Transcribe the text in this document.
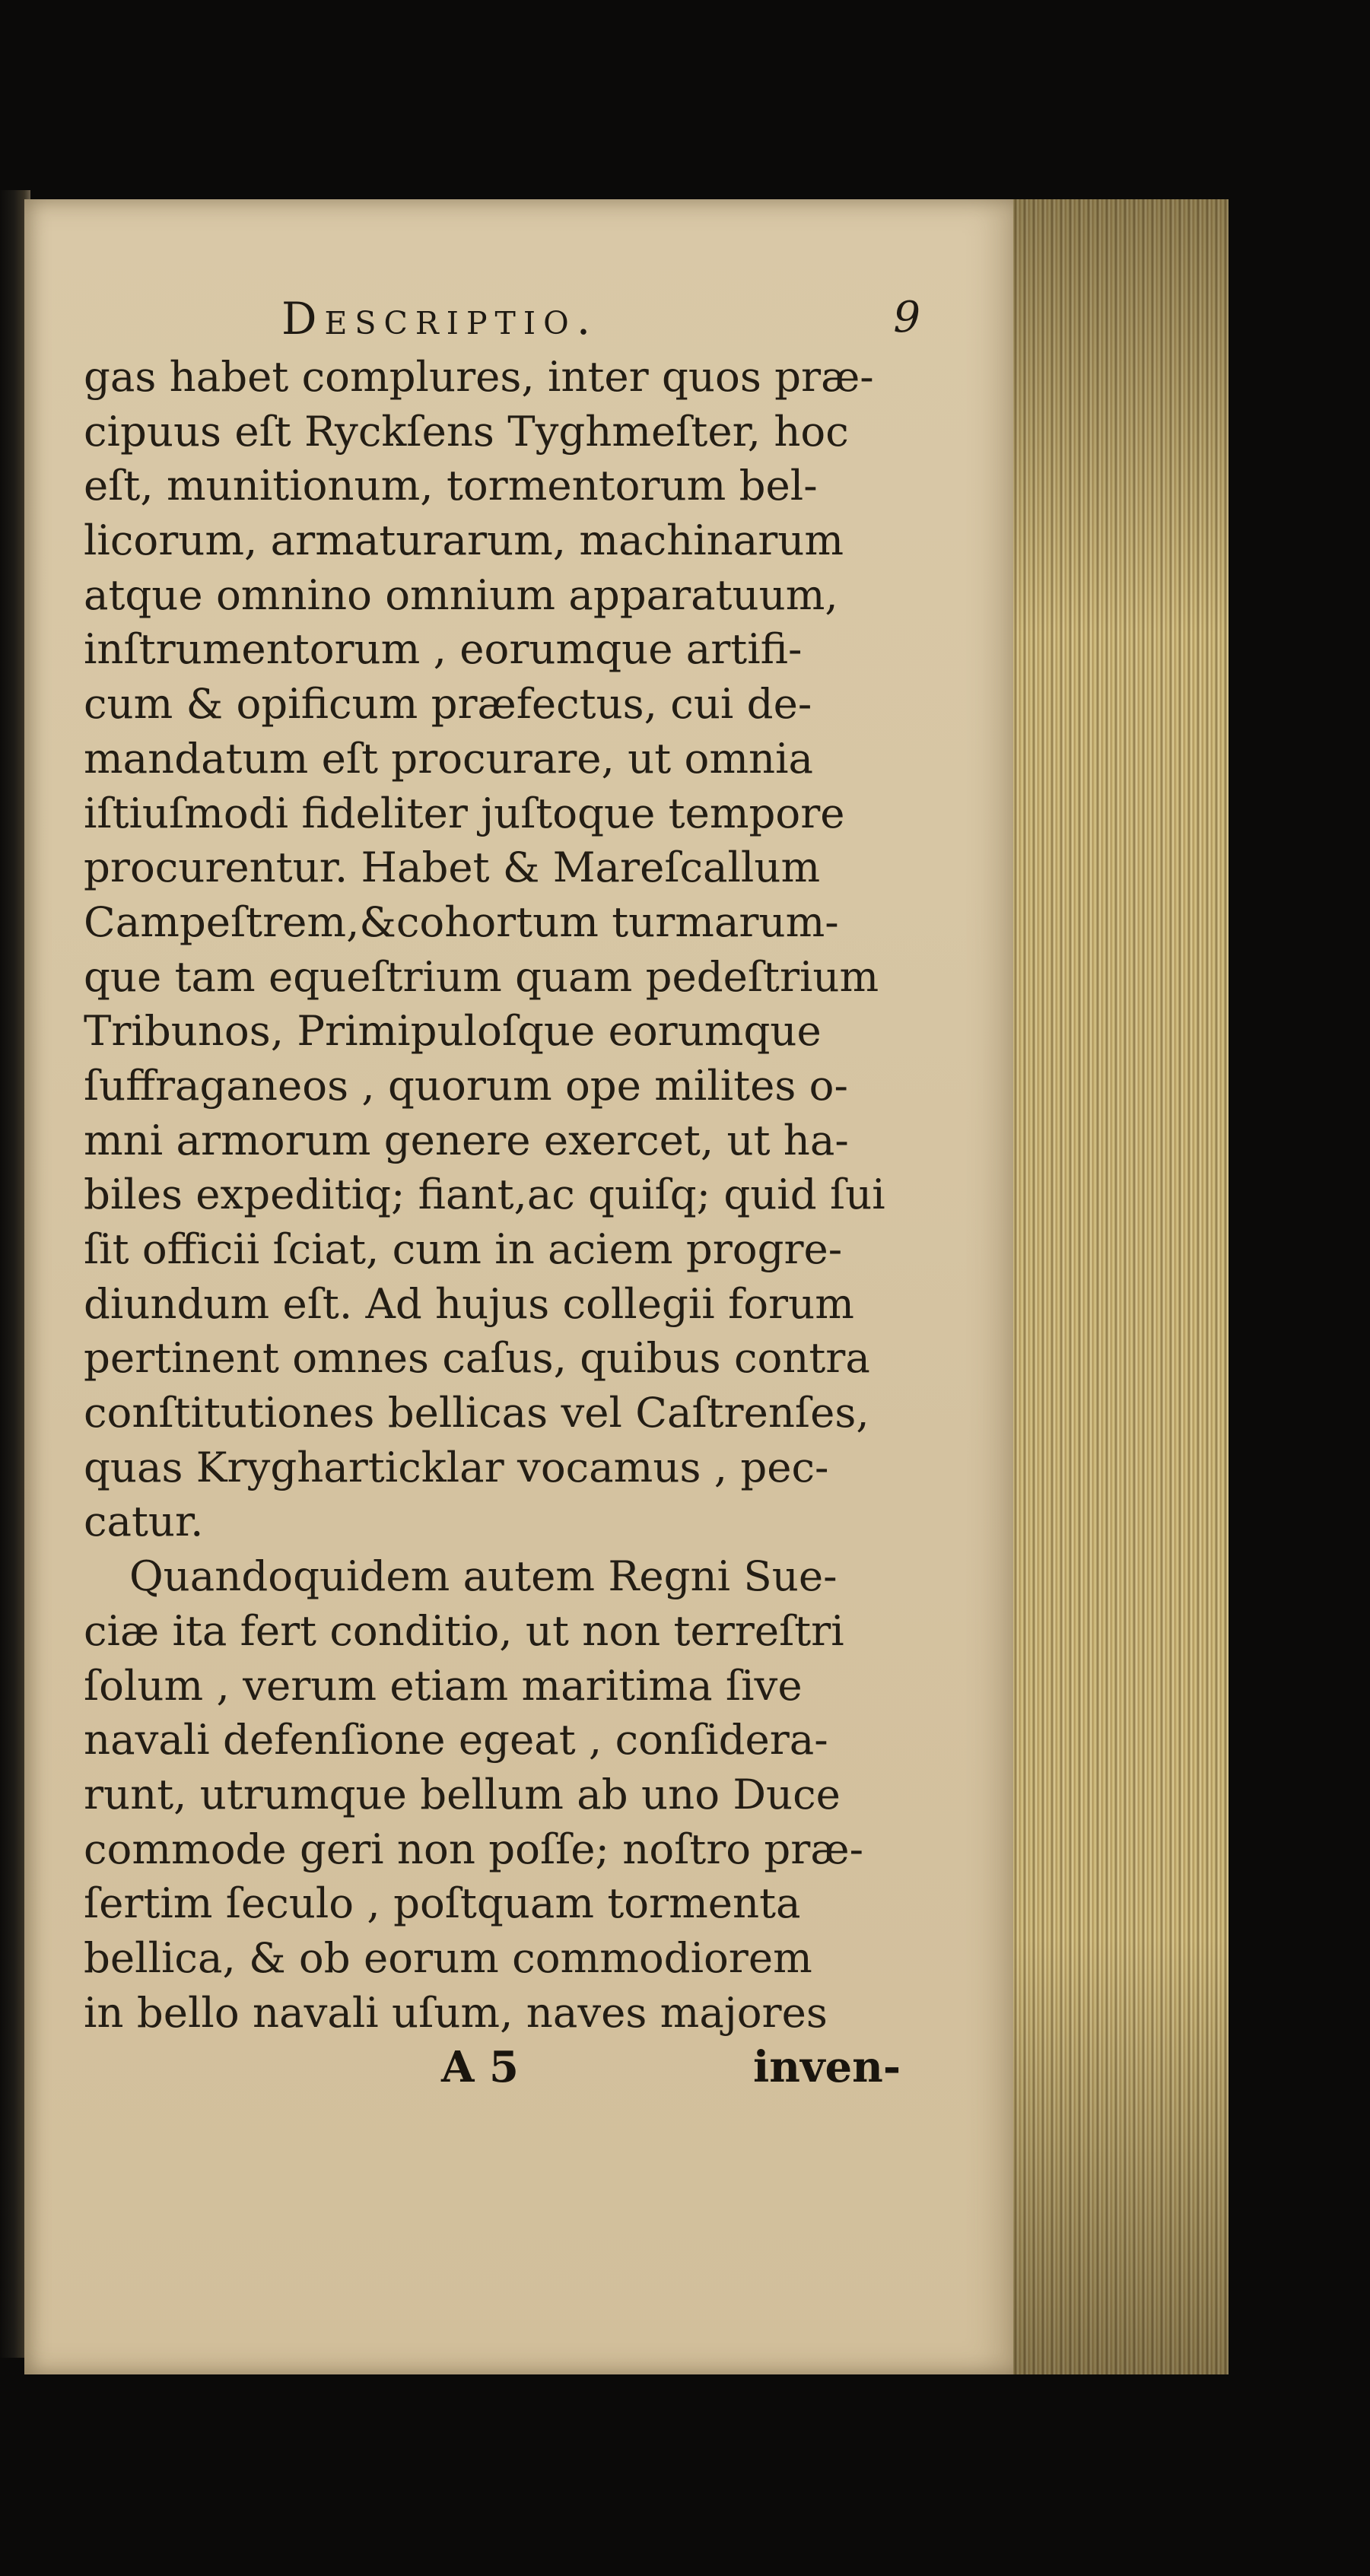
Descriptio.	9
gas habet complures, inter quos præ-
cipuus eſt Ryckſens Tyghmeſter, hoc
eſt, munitionum, tormentorum bel-
licorum, armaturarum, machinarum
atque omnino omnium apparatuum,
inſtrumentorum , eorumque artifi-
cum & opificum præfectus, cui de-
mandatum eſt procurare, ut omnia
iſtiuſmodi fideliter juſtoque tempore
procurentur. Habet & Mareſcallum
Campeſtrem,&cohortum turmarum-
que tam equeſtrium quam pedeſtrium
Tribunos, Primipuloſque eorumque
ſuffraganeos , quorum ope milites o-
mni armorum genere exercet, ut ha-
biles expeditiq; fiant,ac quiſq; quid ſui
ſit officii ſciat, cum in aciem progre-
diundum eſt. Ad hujus collegii forum
pertinent omnes caſus, quibus contra
conſtitutiones bellicas vel Caſtrenſes,
quas Krygharticklar vocamus , pec-
catur.
Quandoquidem autem Regni Sue-
ciæ ita fert conditio, ut non terreſtri
ſolum , verum etiam maritima ſive
navali defenſione egeat , conſidera-
runt, utrumque bellum ab uno Duce
commode geri non poſſe; noſtro præ-
ſertim ſeculo , poſtquam tormenta
bellica, & ob eorum commodiorem
in bello navali uſum, naves majores
A 5	inven-
